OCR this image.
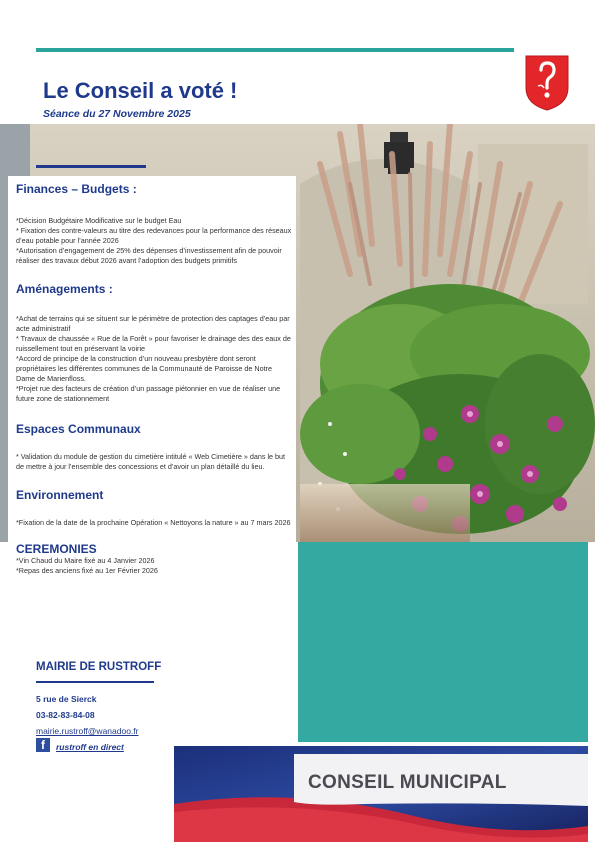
Le Conseil a voté !
Séance du 27 Novembre 2025
Finances – Budgets :

*Décision Budgétaire Modificative sur le budget Eau

* Fixation des contre-valeurs au titre des redevances pour la performance des réseaux d’eau potable pour l’année 2026

*Autorisation d’engagement de 25% des dépenses d’investissement afin de pouvoir réaliser des travaux début 2026 avant l’adoption des budgets primitifs

Aménagements :

*Achat de terrains qui se situent sur le périmètre de protection des captages d’eau par acte administratif

* Travaux de chaussée « Rue de la Forêt » pour favoriser le drainage des des eaux de ruissellement tout en préservant la voirie

*Accord de principe de la construction d’un nouveau presbytère dont seront propriétaires les différentes communes de la Communauté de Paroisse de Notre Dame de Marienfloss.

*Projet rue des facteurs de création d’un passage piétonnier en vue de réaliser une future zone de stationnement

Espaces Communaux

* Validation du module de gestion du cimetière intitulé « Web Cimetière » dans le but de mettre à jour l’ensemble des concessions et d’avoir un plan détaillé du lieu.

Environnement

*Fixation de la date de la prochaine Opération « Nettoyons la nature » au 7 mars 2026

CEREMONIES

*Vin Chaud du Maire fixé au 4 Janvier 2026

*Repas des anciens fixé au 1er Février 2026

MAIRIE DE RUSTROFF
5 rue de Sierck
03-82-83-84-08
mairie.rustroff@wanadoo.fr
f	rustroff en direct
CONSEIL MUNICIPAL
